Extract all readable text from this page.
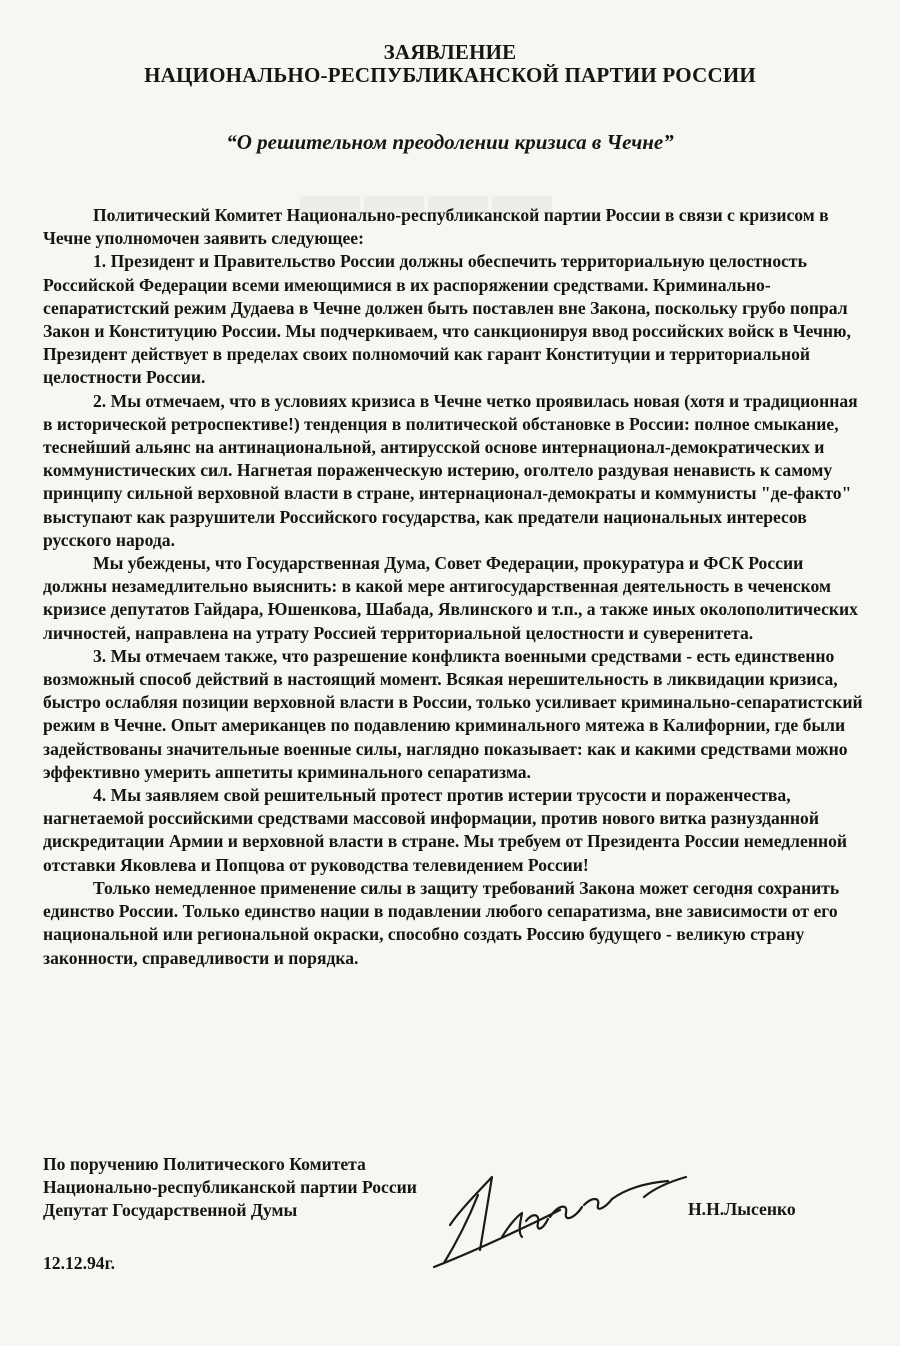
ЗАЯВЛЕНИЕ
НАЦИОНАЛЬНО-РЕСПУБЛИКАНСКОЙ ПАРТИИ РОССИИ
“О решительном преодолении кризиса в Чечне”

Политический Комитет Национально-республиканской партии России в связи с кризисом в Чечне уполномочен заявить следующее:

1. Президент и Правительство России должны обеспечить территориальную целостность Российской Федерации всеми имеющимися в их распоряжении средствами. Криминально-сепаратистский режим Дудаева в Чечне должен быть поставлен вне Закона, поскольку грубо попрал Закон и Конституцию России. Мы подчеркиваем, что санкционируя ввод российских войск в Чечню, Президент действует в пределах своих полномочий как гарант Конституции и территориальной целостности России.

2. Мы отмечаем, что в условиях кризиса в Чечне четко проявилась новая (хотя и традиционная в исторической ретроспективе!) тенденция в политической обстановке в России: полное смыкание, теснейший альянс на антинациональной, антирусской основе интернационал-демократических и коммунистических сил. Нагнетая пораженческую истерию, оголтело раздувая ненависть к самому принципу сильной верховной власти в стране, интернационал-демократы и коммунисты "де-факто" выступают как разрушители Российского государства, как предатели национальных интересов русского народа.

Мы убеждены, что Государственная Дума, Совет Федерации, прокуратура и ФСК России должны незамедлительно выяснить: в какой мере антигосударственная деятельность в чеченском кризисе депутатов Гайдара, Юшенкова, Шабада, Явлинского и т.п., а также иных околополитических личностей, направлена на утрату Россией территориальной целостности и суверенитета.

3. Мы отмечаем также, что разрешение конфликта военными средствами - есть единственно возможный способ действий в настоящий момент. Всякая нерешительность в ликвидации кризиса, быстро ослабляя позиции верховной власти в России, только усиливает криминально-сепаратистский режим в Чечне. Опыт американцев по подавлению криминального мятежа в Калифорнии, где были задействованы значительные военные силы, наглядно показывает: как и какими средствами можно эффективно умерить аппетиты криминального сепаратизма.

4. Мы заявляем свой решительный протест против истерии трусости и пораженчества, нагнетаемой российскими средствами массовой информации, против нового витка разнузданной дискредитации Армии и верховной власти в стране. Мы требуем от Президента России немедленной отставки Яковлева и Попцова от руководства телевидением России!

Только немедленное применение силы в защиту требований Закона может сегодня сохранить единство России. Только единство нации в подавлении любого сепаратизма, вне зависимости от его национальной или региональной окраски, способно создать Россию будущего - великую страну законности, справедливости и порядка.

По поручению Политического Комитета
Национально-республиканской партии России
Депутат Государственной Думы	Н.Н.Лысенко
12.12.94г.
